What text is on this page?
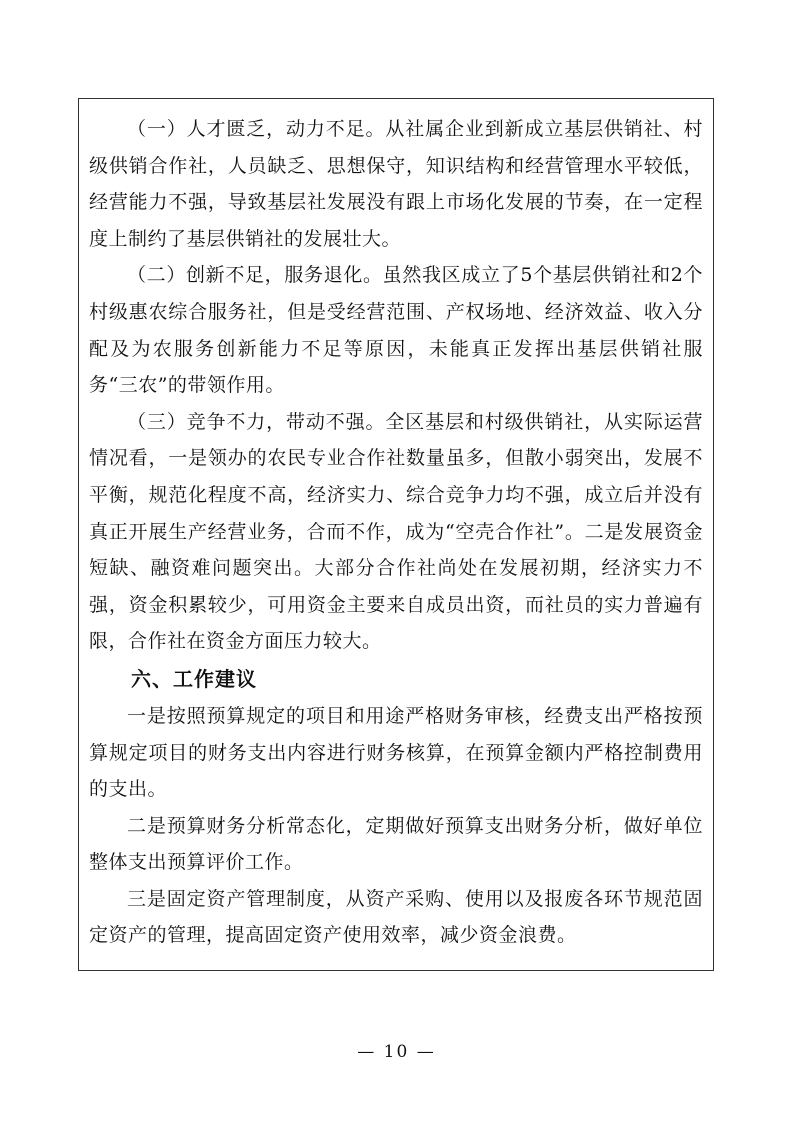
（一）人才匮乏，动力不足。从社属企业到新成立基层供销社、村级供销合作社，人员缺乏、思想保守，知识结构和经营管理水平较低，经营能力不强，导致基层社发展没有跟上市场化发展的节奏，在一定程度上制约了基层供销社的发展壮大。

（二）创新不足，服务退化。虽然我区成立了5个基层供销社和2个村级惠农综合服务社，但是受经营范围、产权场地、经济效益、收入分配及为农服务创新能力不足等原因，未能真正发挥出基层供销社服务“三农”的带领作用。

（三）竞争不力，带动不强。全区基层和村级供销社，从实际运营情况看，一是领办的农民专业合作社数量虽多，但散小弱突出，发展不平衡，规范化程度不高，经济实力、综合竞争力均不强，成立后并没有真正开展生产经营业务，合而不作，成为“空壳合作社”。二是发展资金短缺、融资难问题突出。大部分合作社尚处在发展初期，经济实力不强，资金积累较少，可用资金主要来自成员出资，而社员的实力普遍有限，合作社在资金方面压力较大。

六、工作建议

一是按照预算规定的项目和用途严格财务审核，经费支出严格按预算规定项目的财务支出内容进行财务核算，在预算金额内严格控制费用的支出。

二是预算财务分析常态化，定期做好预算支出财务分析，做好单位整体支出预算评价工作。

三是固定资产管理制度，从资产采购、使用以及报废各环节规范固定资产的管理，提高固定资产使用效率，减少资金浪费。

— 10 —
